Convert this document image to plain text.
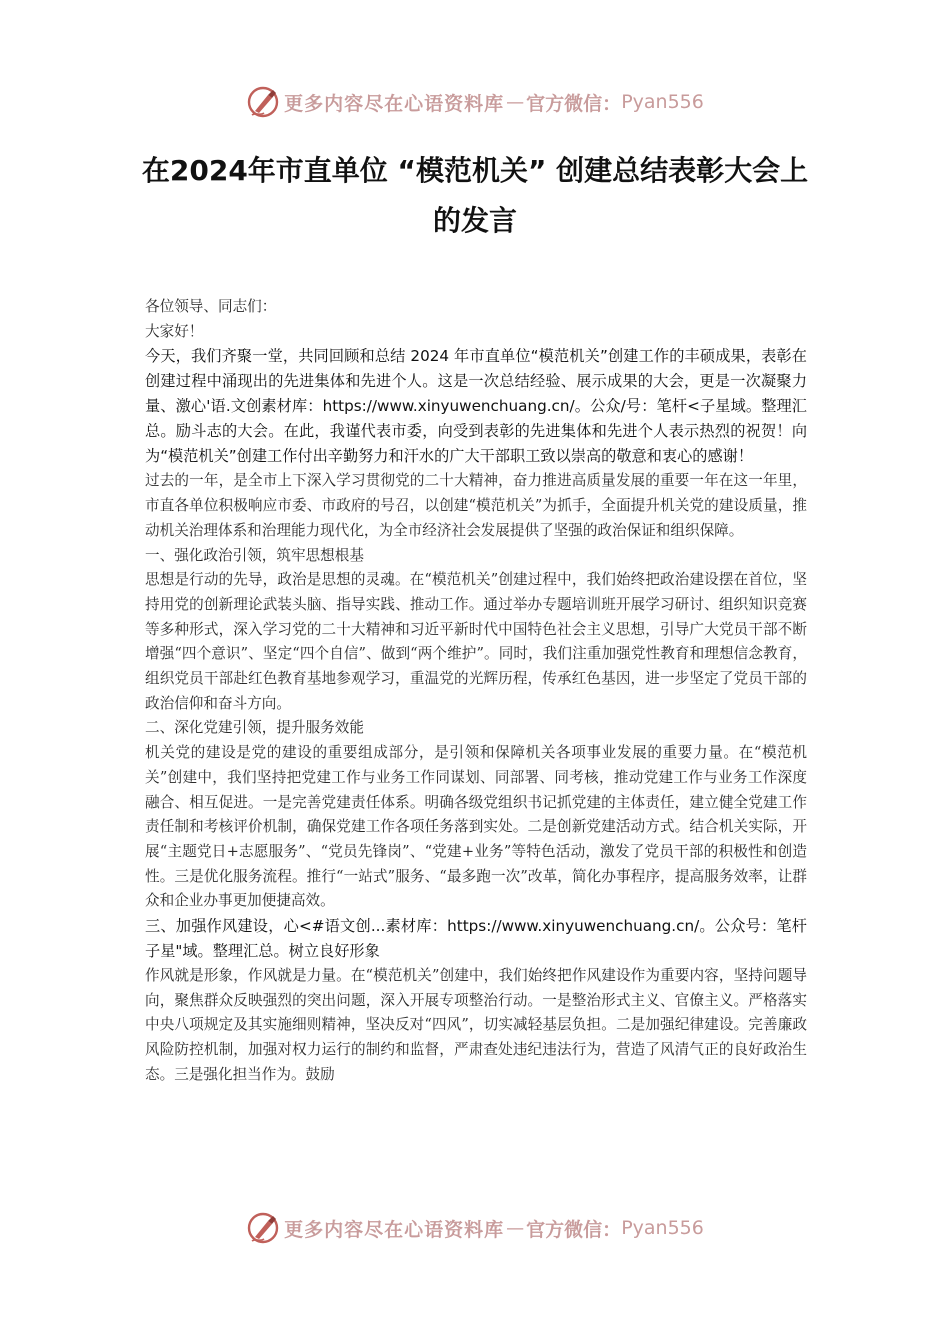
更多内容尽在心语资料库 — 官方微信： Pyan556
在2024年市直单位 “模范机关” 创建总结表彰大会上的发言

各位领导、同志们：

大家好！

今天，我们齐聚一堂，共同回顾和总结 2024 年市直单位“模范机关”创建工作的丰硕成果，表彰在创建过程中涌现出的先进集体和先进个人。这是一次总结经验、展示成果的大会，更是一次凝聚力量、激心'语.文创素材库：https://www.xinyuwenchuang.cn/。公众/号：笔杆<子星域。整理汇总。励斗志的大会。在此，我谨代表市委，向受到表彰的先进集体和先进个人表示热烈的祝贺！向为“模范机关”创建工作付出辛勤努力和汗水的广大干部职工致以崇高的敬意和衷心的感谢！

过去的一年，是全市上下深入学习贯彻党的二十大精神，奋力推进高质量发展的重要一年在这一年里，市直各单位积极响应市委、市政府的号召，以创建“模范机关”为抓手，全面提升机关党的建设质量，推动机关治理体系和治理能力现代化，为全市经济社会发展提供了坚强的政治保证和组织保障。

一、强化政治引领，筑牢思想根基

思想是行动的先导，政治是思想的灵魂。在“模范机关”创建过程中，我们始终把政治建设摆在首位，坚持用党的创新理论武装头脑、指导实践、推动工作。通过举办专题培训班开展学习研讨、组织知识竞赛等多种形式，深入学习党的二十大精神和习近平新时代中国特色社会主义思想，引导广大党员干部不断增强“四个意识”、坚定“四个自信”、做到“两个维护”。同时，我们注重加强党性教育和理想信念教育，组织党员干部赴红色教育基地参观学习，重温党的光辉历程，传承红色基因，进一步坚定了党员干部的政治信仰和奋斗方向。

二、深化党建引领，提升服务效能

机关党的建设是党的建设的重要组成部分，是引领和保障机关各项事业发展的重要力量。在“模范机关”创建中，我们坚持把党建工作与业务工作同谋划、同部署、同考核，推动党建工作与业务工作深度融合、相互促进。一是完善党建责任体系。明确各级党组织书记抓党建的主体责任，建立健全党建工作责任制和考核评价机制，确保党建工作各项任务落到实处。二是创新党建活动方式。结合机关实际，开展“主题党日+志愿服务”、“党员先锋岗”、“党建+业务”等特色活动，激发了党员干部的积极性和创造性。三是优化服务流程。推行“一站式”服务、“最多跑一次”改革，简化办事程序，提高服务效率，让群众和企业办事更加便捷高效。

三、加强作风建设，心<#语文创...素材库：https://www.xinyuwenchuang.cn/。公众号：笔杆子星"域。整理汇总。树立良好形象

作风就是形象，作风就是力量。在“模范机关”创建中，我们始终把作风建设作为重要内容，坚持问题导向，聚焦群众反映强烈的突出问题，深入开展专项整治行动。一是整治形式主义、官僚主义。严格落实中央八项规定及其实施细则精神，坚决反对“四风”，切实减轻基层负担。二是加强纪律建设。完善廉政风险防控机制，加强对权力运行的制约和监督，严肃查处违纪违法行为，营造了风清气正的良好政治生态。三是强化担当作为。鼓励

更多内容尽在心语资料库 — 官方微信： Pyan556
